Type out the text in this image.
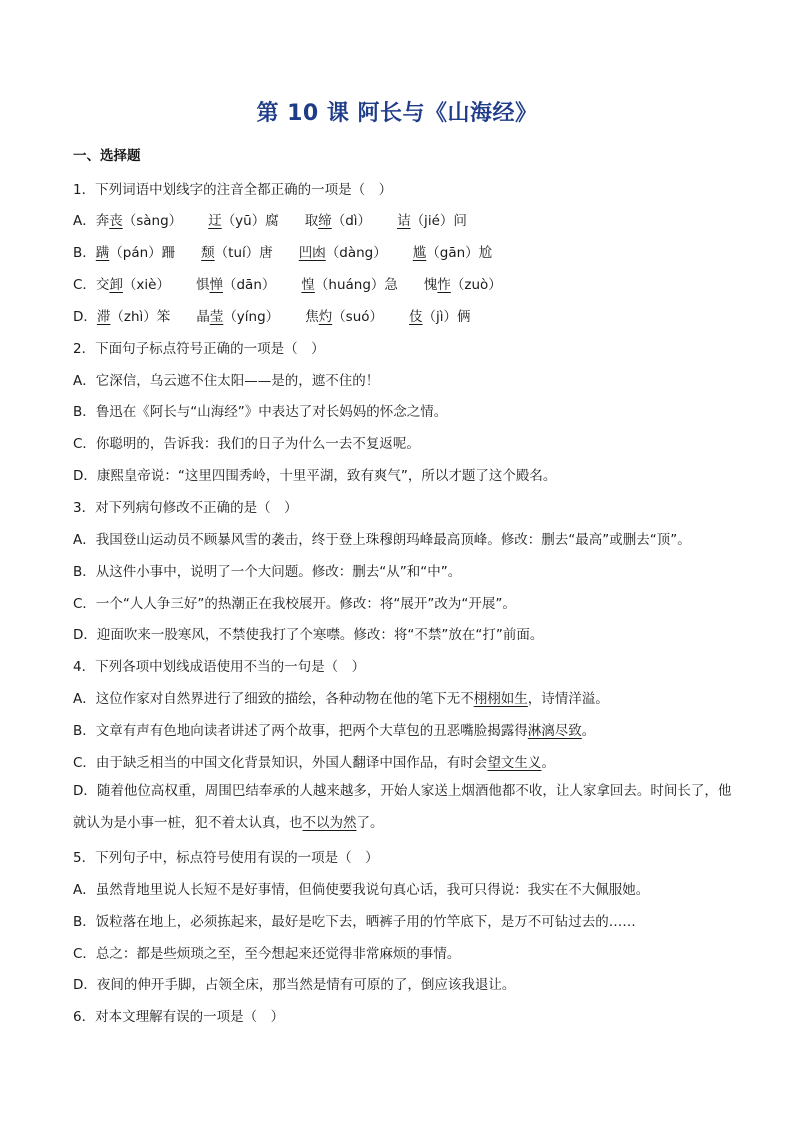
第 10 课 阿长与《山海经》
一、选择题
1．下列词语中划线字的注音全都正确的一项是（　）
A．奔丧（sàng） 迂（yū）腐 取缔（dì） 诘（jié）问
B．蹒（pán）跚 颓（tuí）唐 凹凼（dàng） 尴（gān）尬
C．交卸（xiè） 惧惮（dān） 惶（huáng）急 愧怍（zuò）
D．滞（zhì）笨 晶莹（yíng） 焦灼（suó） 伎（jì）俩
2．下面句子标点符号正确的一项是（　）
A．它深信，乌云遮不住太阳——是的，遮不住的！
B．鲁迅在《阿长与“山海经”》中表达了对长妈妈的怀念之情。
C．你聪明的，告诉我：我们的日子为什么一去不复返呢。
D．康熙皇帝说：“这里四围秀岭，十里平湖，致有爽气”，所以才题了这个殿名。
3．对下列病句修改不正确的是（　）
A．我国登山运动员不顾暴风雪的袭击，终于登上珠穆朗玛峰最高顶峰。修改：删去“最高”或删去“顶”。
B．从这件小事中，说明了一个大问题。修改：删去“从”和“中”。
C．一个“人人争三好”的热潮正在我校展开。修改：将“展开”改为“开展”。
D．迎面吹来一股寒风，不禁使我打了个寒噤。修改：将“不禁”放在“打”前面。
4．下列各项中划线成语使用不当的一句是（　）
A．这位作家对自然界进行了细致的描绘，各种动物在他的笔下无不栩栩如生，诗情洋溢。
B．文章有声有色地向读者讲述了两个故事，把两个大草包的丑恶嘴脸揭露得淋漓尽致。
C．由于缺乏相当的中国文化背景知识，外国人翻译中国作品，有时会望文生义。
D．随着他位高权重，周围巴结奉承的人越来越多，开始人家送上烟酒他都不收，让人家拿回去。时间长了，他就认为是小事一桩，犯不着太认真，也不以为然了。
5．下列句子中，标点符号使用有误的一项是（　）
A．虽然背地里说人长短不是好事情，但倘使要我说句真心话，我可只得说：我实在不大佩服她。
B．饭粒落在地上，必须拣起来，最好是吃下去，晒裤子用的竹竿底下，是万不可钻过去的……
C．总之：都是些烦琐之至，至今想起来还觉得非常麻烦的事情。
D．夜间的伸开手脚，占领全床，那当然是情有可原的了，倒应该我退让。
6．对本文理解有误的一项是（　）
